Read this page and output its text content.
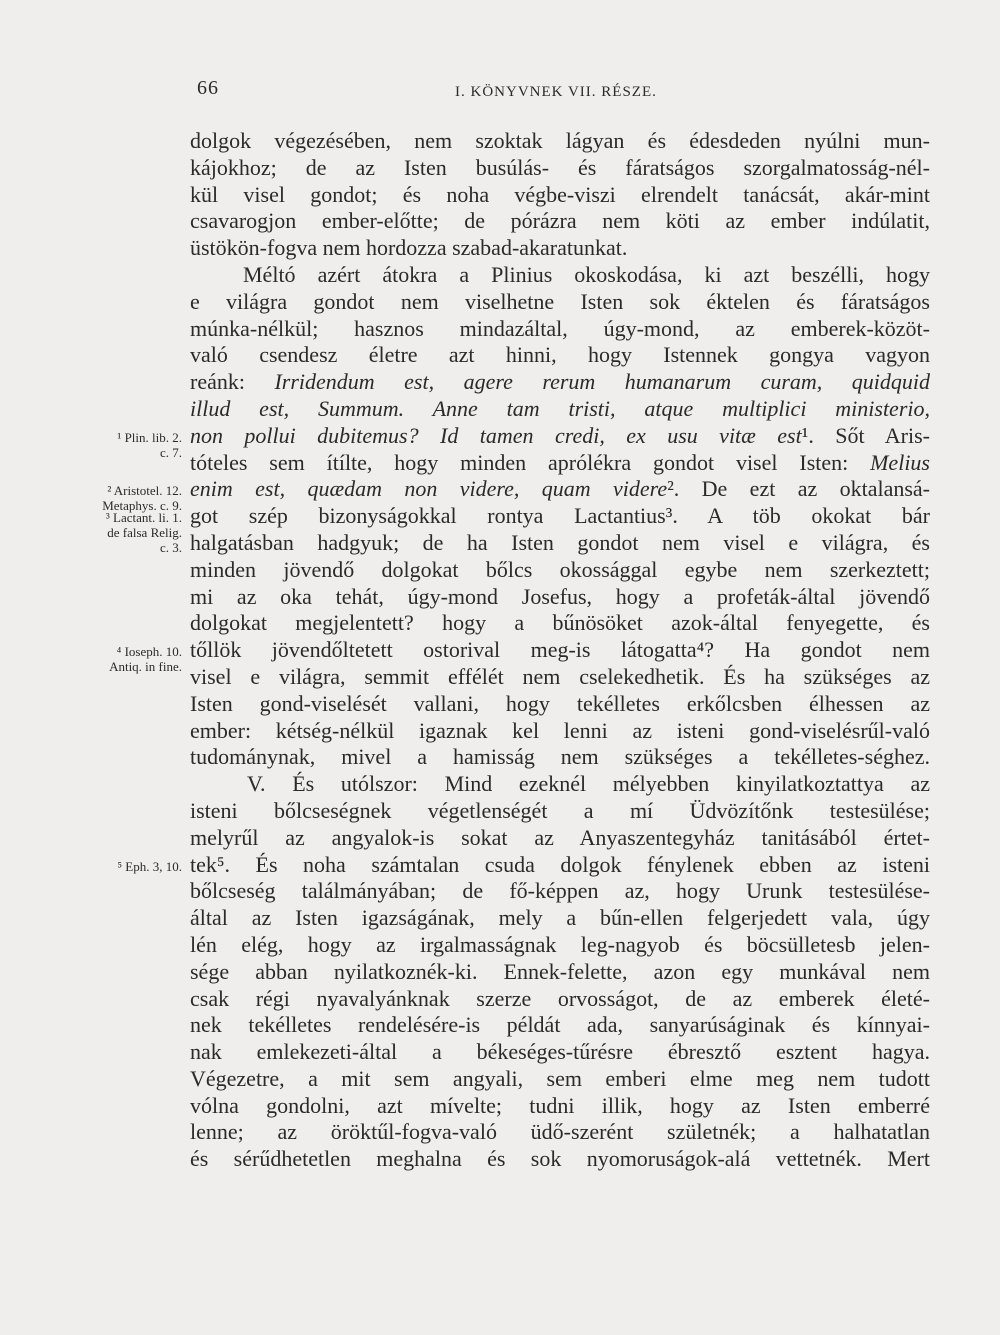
66	I. KÖNYVNEK VII. RÉSZE.
dolgok végezésében, nem szoktak lágyan és édesdeden nyúlni mun-
kájokhoz; de az Isten busúlás- és fáratságos szorgalmatosság-nél-
kül visel gondot; és noha végbe-viszi elrendelt tanácsát, akár-mint
csavarogjon ember-előtte; de pórázra nem köti az ember indúlatit,
üstökön-fogva nem hordozza szabad-akaratunkat.
Méltó azért átokra a Plinius okoskodása, ki azt beszélli, hogy
e világra gondot nem viselhetne Isten sok éktelen és fáratságos
múnka-nélkül; hasznos mindazáltal, úgy-mond, az emberek-közöt-
való csendesz életre azt hinni, hogy Istennek gongya vagyon
reánk: Irridendum est, agere rerum humanarum curam, quidquid
illud est, Summum. Anne tam tristi, atque multiplici ministerio,
non pollui dubitemus? Id tamen credi, ex usu vitæ est¹. Sőt Aris-
tóteles sem ítílte, hogy minden aprólékra gondot visel Isten: Melius
enim est, quædam non videre, quam videre². De ezt az oktalansá-
got szép bizonyságokkal rontya Lactantius³. A töb okokat bár
halgatásban hadgyuk; de ha Isten gondot nem visel e világra, és
minden jövendő dolgokat bőlcs okossággal egybe nem szerkeztett;
mi az oka tehát, úgy-mond Josefus, hogy a profeták-által jövendő
dolgokat megjelentett? hogy a bűnösöket azok-által fenyegette, és
tőllök jövendőltetett ostorival meg-is látogatta⁴? Ha gondot nem
visel e világra, semmit effélét nem cselekedhetik. És ha szükséges az
Isten gond-viselését vallani, hogy tekélletes erkőlcsben élhessen az
ember: kétség-nélkül igaznak kel lenni az isteni gond-viselésrűl-való
tudománynak, mivel a hamisság nem szükséges a tekélletes-séghez.
V. És utólszor: Mind ezeknél mélyebben kinyilatkoztattya az
isteni bőlcseségnek végetlenségét a mí Üdvözítőnk testesülése;
melyrűl az angyalok-is sokat az Anyaszentegyház tanitásából értet-
tek⁵. És noha számtalan csuda dolgok fénylenek ebben az isteni
bőlcseség találmányában; de fő-képpen az, hogy Urunk testesülése-
által az Isten igazságának, mely a bűn-ellen felgerjedett vala, úgy
lén elég, hogy az irgalmasságnak leg-nagyob és böcsülletesb jelen-
sége abban nyilatkoznék-ki. Ennek-felette, azon egy munkával nem
csak régi nyavalyánknak szerze orvosságot, de az emberek életé-
nek tekélletes rendelésére-is példát ada, sanyarúságinak és kínnyai-
nak emlekezeti-által a békeséges-tűrésre ébresztő esztent hagya.
Végezetre, a mit sem angyali, sem emberi elme meg nem tudott
vólna gondolni, azt mívelte; tudni illik, hogy az Isten emberré
lenne; az öröktűl-fogva-való üdő-szerént születnék; a halhatatlan
és sérűdhetetlen meghalna és sok nyomoruságok-alá vettetnék. Mert
¹ Plin. lib. 2.
c. 7.
² Aristotel. 12.
Metaphys. c. 9.
³ Lactant. li. 1.
de falsa Relig.
c. 3.
⁴ Ioseph. 10.
Antiq. in fine.
⁵ Eph. 3, 10.
